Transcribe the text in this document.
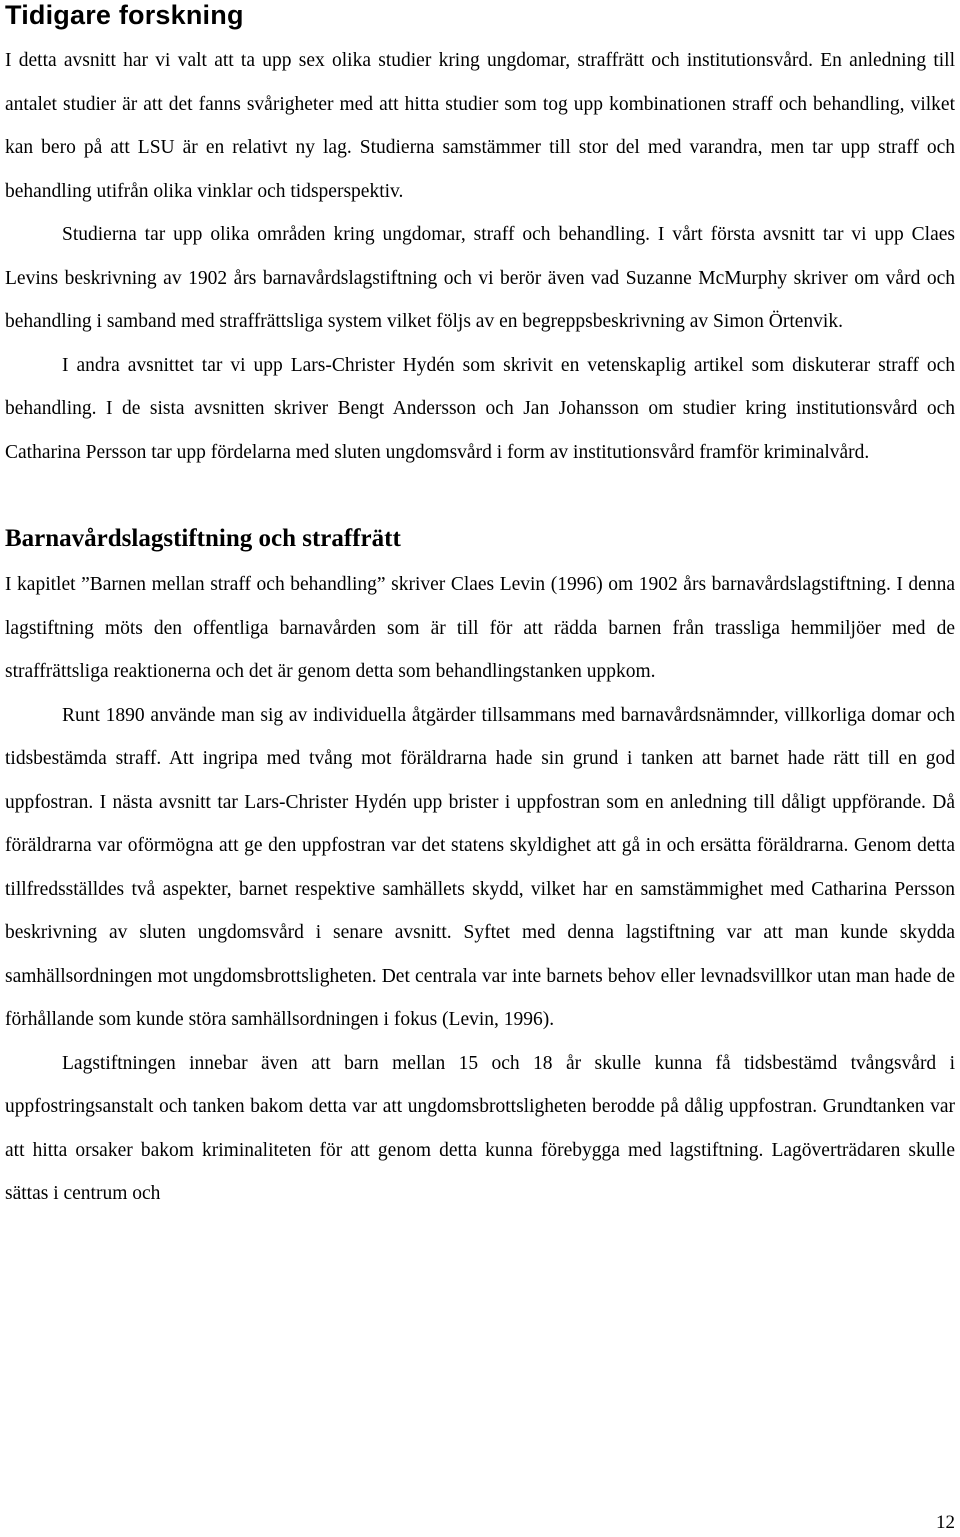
Tidigare forskning

I detta avsnitt har vi valt att ta upp sex olika studier kring ungdomar, straffrätt och institutionsvård. En anledning till antalet studier är att det fanns svårigheter med att hitta studier som tog upp kombinationen straff och behandling, vilket kan bero på att LSU är en relativt ny lag. Studierna samstämmer till stor del med varandra, men tar upp straff och behandling utifrån olika vinklar och tidsperspektiv.

Studierna tar upp olika områden kring ungdomar, straff och behandling. I vårt första avsnitt tar vi upp Claes Levins beskrivning av 1902 års barnavårdslagstiftning och vi berör även vad Suzanne McMurphy skriver om vård och behandling i samband med straffrättsliga system vilket följs av en begreppsbeskrivning av Simon Örtenvik.

I andra avsnittet tar vi upp Lars-Christer Hydén som skrivit en vetenskaplig artikel som diskuterar straff och behandling. I de sista avsnitten skriver Bengt Andersson och Jan Johansson om studier kring institutionsvård och Catharina Persson tar upp fördelarna med sluten ungdomsvård i form av institutionsvård framför kriminalvård.

Barnavårdslagstiftning och straffrätt

I kapitlet ”Barnen mellan straff och behandling” skriver Claes Levin (1996) om 1902 års barnavårdslagstiftning. I denna lagstiftning möts den offentliga barnavården som är till för att rädda barnen från trassliga hemmiljöer med de straffrättsliga reaktionerna och det är genom detta som behandlingstanken uppkom.

Runt 1890 använde man sig av individuella åtgärder tillsammans med barnavårdsnämnder, villkorliga domar och tidsbestämda straff. Att ingripa med tvång mot föräldrarna hade sin grund i tanken att barnet hade rätt till en god uppfostran. I nästa avsnitt tar Lars-Christer Hydén upp brister i uppfostran som en anledning till dåligt uppförande. Då föräldrarna var oförmögna att ge den uppfostran var det statens skyldighet att gå in och ersätta föräldrarna. Genom detta tillfredsställdes två aspekter, barnet respektive samhällets skydd, vilket har en samstämmighet med Catharina Persson beskrivning av sluten ungdomsvård i senare avsnitt. Syftet med denna lagstiftning var att man kunde skydda samhällsordningen mot ungdomsbrottsligheten. Det centrala var inte barnets behov eller levnadsvillkor utan man hade de förhållande som kunde störa samhällsordningen i fokus (Levin, 1996).

Lagstiftningen innebar även att barn mellan 15 och 18 år skulle kunna få tidsbestämd tvångsvård i uppfostringsanstalt och tanken bakom detta var att ungdomsbrottsligheten berodde på dålig uppfostran. Grundtanken var att hitta orsaker bakom kriminaliteten för att genom detta kunna förebygga med lagstiftning. Lagöverträdaren skulle sättas i centrum och

12
